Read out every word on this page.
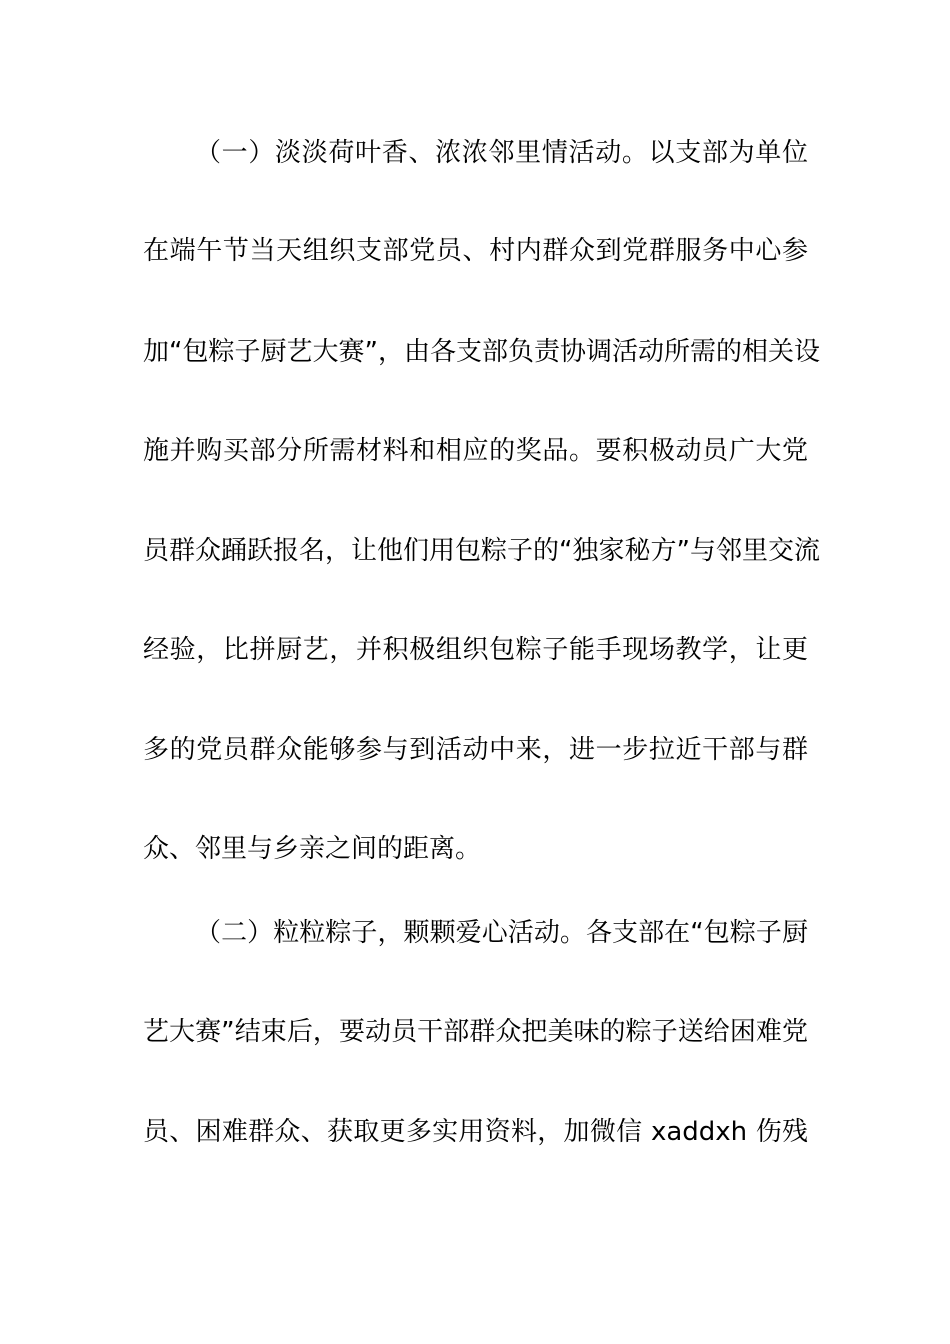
（一）淡淡荷叶香、浓浓邻里情活动。以支部为单位
在端午节当天组织支部党员、村内群众到党群服务中心参
加“包粽子厨艺大赛”，由各支部负责协调活动所需的相关设
施并购买部分所需材料和相应的奖品。要积极动员广大党
员群众踊跃报名，让他们用包粽子的“独家秘方”与邻里交流
经验，比拼厨艺，并积极组织包粽子能手现场教学，让更
多的党员群众能够参与到活动中来，进一步拉近干部与群
众、邻里与乡亲之间的距离。
（二）粒粒粽子，颗颗爱心活动。各支部在“包粽子厨
艺大赛”结束后，要动员干部群众把美味的粽子送给困难党
员、困难群众、获取更多实用资料，加微信 xaddxh 伤残
